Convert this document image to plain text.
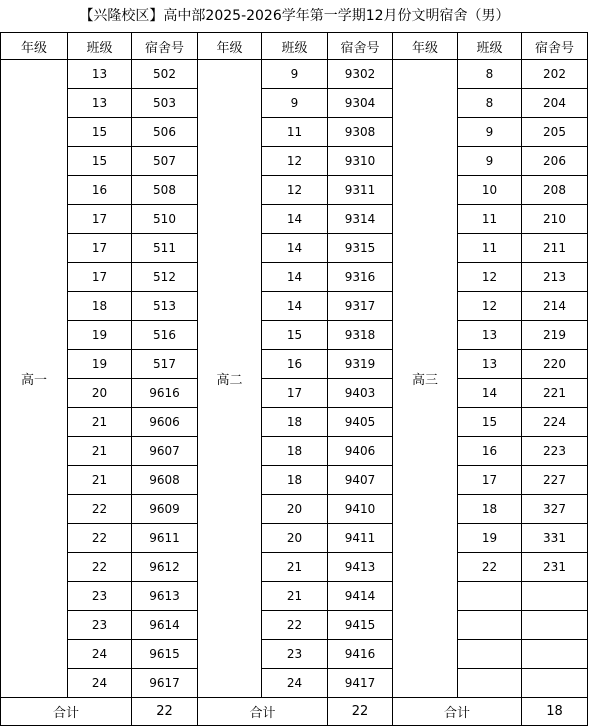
【兴隆校区】高中部2025-2026学年第一学期12月份文明宿舍（男）
年级	班级	宿舍号	年级	班级	宿舍号	年级	班级	宿舍号
高一	13	502	高二	9	9302	高三	8	202
	13	503		9	9304		8	204
	15	506		11	9308		9	205
	15	507		12	9310		9	206
	16	508		12	9311		10	208
	17	510		14	9314		11	210
	17	511		14	9315		11	211
	17	512		14	9316		12	213
	18	513		14	9317		12	214
	19	516		15	9318		13	219
	19	517		16	9319		13	220
	20	9616		17	9403		14	221
	21	9606		18	9405		15	224
	21	9607		18	9406		16	223
	21	9608		18	9407		17	227
	22	9609		20	9410		18	327
	22	9611		20	9411		19	331
	22	9612		21	9413		22	231
	23	9613		21	9414			
	23	9614		22	9415			
	24	9615		23	9416			
	24	9617		24	9417			
合计		22	合计		22	合计		18
